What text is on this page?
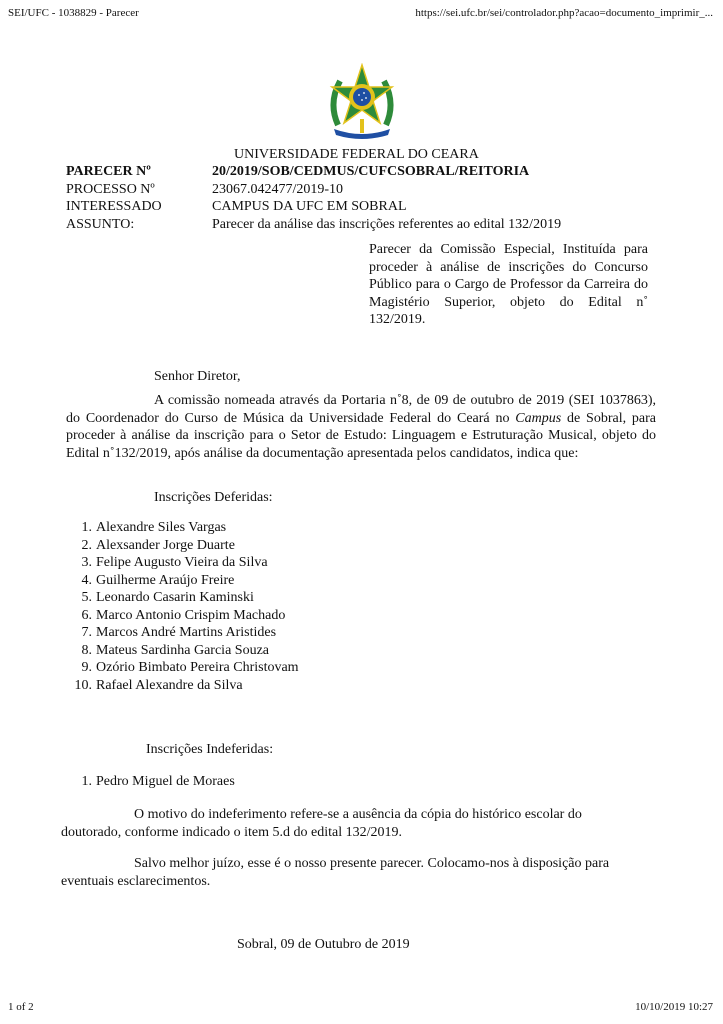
SEI/UFC - 1038829 - Parecer	https://sei.ufc.br/sei/controlador.php?acao=documento_imprimir_...
UNIVERSIDADE FEDERAL DO CEARA
PARECER Nº	20/2019/SOB/CEDMUS/CUFCSOBRAL/REITORIA
PROCESSO Nº	23067.042477/2019-10
INTERESSADO	CAMPUS DA UFC EM SOBRAL
ASSUNTO:	Parecer da análise das inscrições referentes ao edital 132/2019
Parecer da Comissão Especial, Instituída para proceder à análise de inscrições do Concurso Público para o Cargo de Professor da Carreira do Magistério Superior, objeto do Edital n˚ 132/2019.
Senhor Diretor,
A comissão nomeada através da Portaria n˚8, de 09 de outubro de 2019 (SEI 1037863), do Coordenador do Curso de Música da Universidade Federal do Ceará no Campus de Sobral, para proceder à análise da inscrição para o Setor de Estudo: Linguagem e Estruturação Musical, objeto do Edital n˚132/2019, após análise da documentação apresentada pelos candidatos, indica que:
Inscrições Deferidas:
1. Alexandre Siles Vargas
2. Alexsander Jorge Duarte
3. Felipe Augusto Vieira da Silva
4. Guilherme Araújo Freire
5. Leonardo Casarin Kaminski
6. Marco Antonio Crispim Machado
7. Marcos André Martins Aristides
8. Mateus Sardinha Garcia Souza
9. Ozório Bimbato Pereira Christovam
10. Rafael Alexandre da Silva
Inscrições Indeferidas:
1. Pedro Miguel de Moraes
O motivo do indeferimento refere-se a ausência da cópia do histórico escolar do
doutorado, conforme indicado o item 5.d do edital 132/2019.
Salvo melhor juízo, esse é o nosso presente parecer. Colocamo-nos à disposição para
eventuais esclarecimentos.
Sobral, 09 de Outubro de 2019
1 of 2	10/10/2019 10:27
